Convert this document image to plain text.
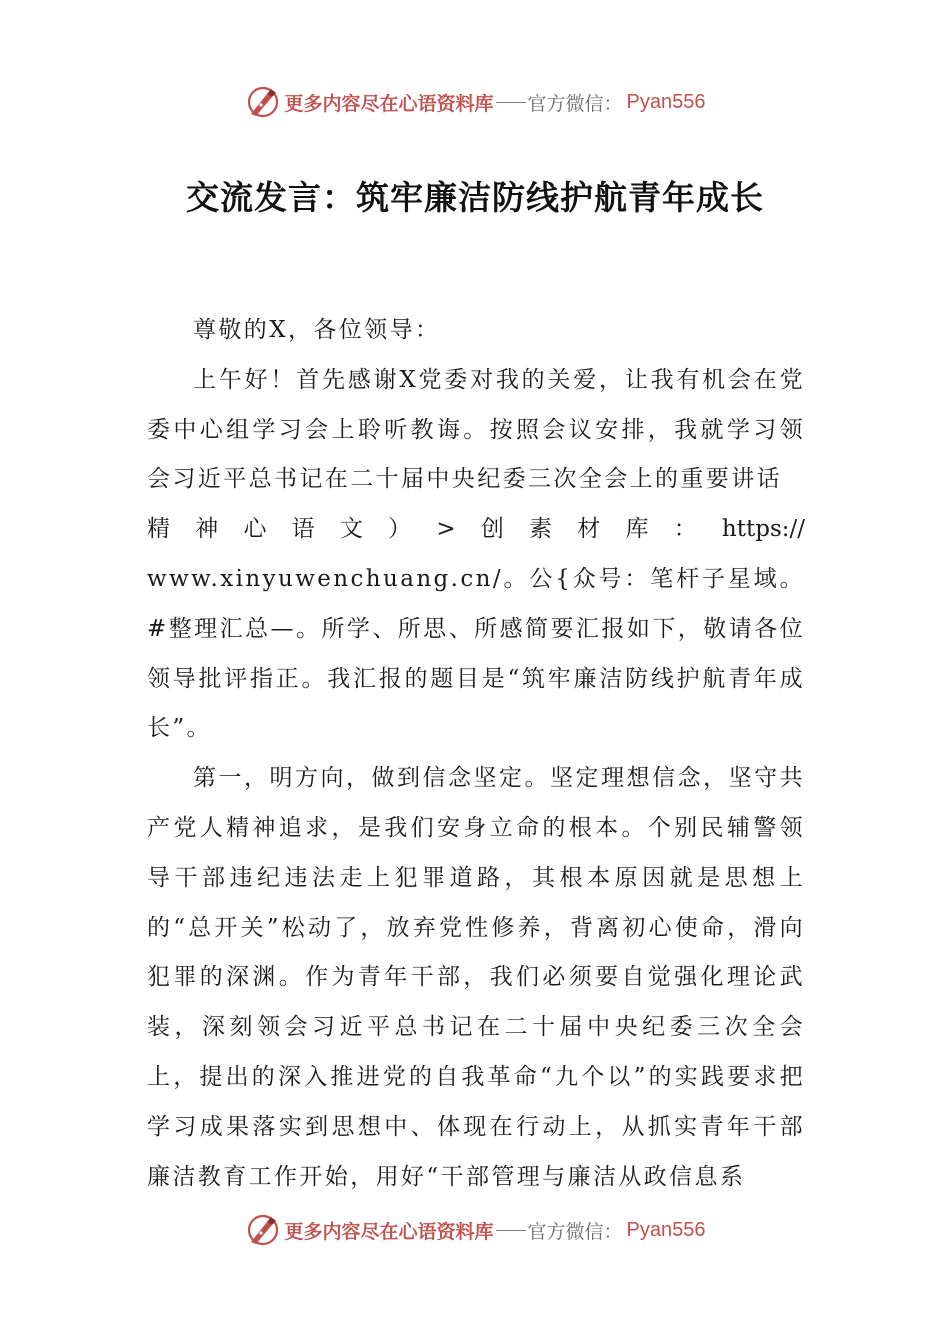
更多内容尽在心语资料库 官方微信： Pyan556
交流发言：筑牢廉洁防线护航青年成长

尊敬的X，各位领导：

上午好！首先感谢X党委对我的关爱，让我有机会在党委中心组学习会上聆听教诲。按照会议安排，我就学习领会习近平总书记在二十届中央纪委三次全会上的重要讲话

精神心语文）>创素材库：https://

www.xinyuwenchuang.cn/。公{众号：笔杆子星域。#整理汇总—。所学、所思、所感简要汇报如下，敬请各位领导批评指正。我汇报的题目是“筑牢廉洁防线护航青年成长”。

第一，明方向，做到信念坚定。坚定理想信念，坚守共产党人精神追求，是我们安身立命的根本。个别民辅警领导干部违纪违法走上犯罪道路，其根本原因就是思想上的“总开关”松动了，放弃党性修养，背离初心使命，滑向犯罪的深渊。作为青年干部，我们必须要自觉强化理论武装，深刻领会习近平总书记在二十届中央纪委三次全会上，提出的深入推进党的自我革命“九个以”的实践要求把学习成果落实到思想中、体现在行动上，从抓实青年干部廉洁教育工作开始，用好“干部管理与廉洁从政信息系

更多内容尽在心语资料库 官方微信： Pyan556
